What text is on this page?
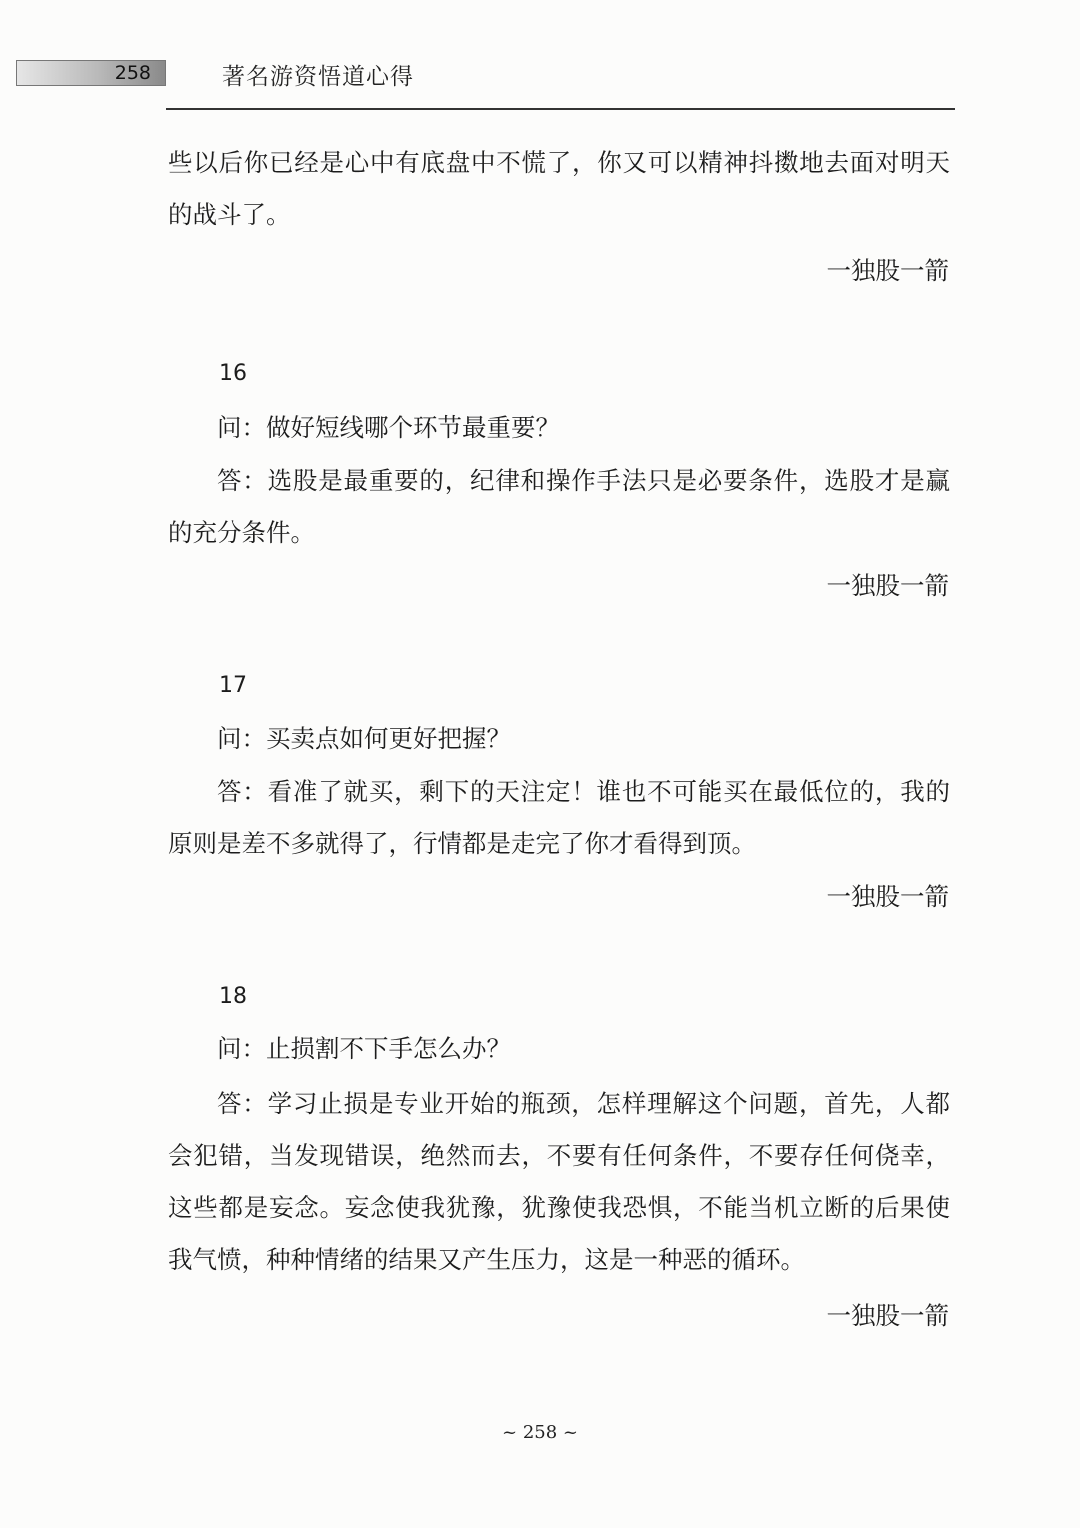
258	著名游资悟道心得

些以后你已经是心中有底盘中不慌了，你又可以精神抖擞地去面对明天的战斗了。

一独股一箭
16

问：做好短线哪个环节最重要？

答：选股是最重要的，纪律和操作手法只是必要条件，选股才是赢的充分条件。

一独股一箭
17

问：买卖点如何更好把握？

答：看准了就买，剩下的天注定！谁也不可能买在最低位的，我的原则是差不多就得了，行情都是走完了你才看得到顶。

一独股一箭
18

问：止损割不下手怎么办？

答：学习止损是专业开始的瓶颈，怎样理解这个问题，首先，人都会犯错，当发现错误，绝然而去，不要有任何条件，不要存任何侥幸，这些都是妄念。妄念使我犹豫，犹豫使我恐惧，不能当机立断的后果使我气愤，种种情绪的结果又产生压力，这是一种恶的循环。

一独股一箭
~ 258 ~
